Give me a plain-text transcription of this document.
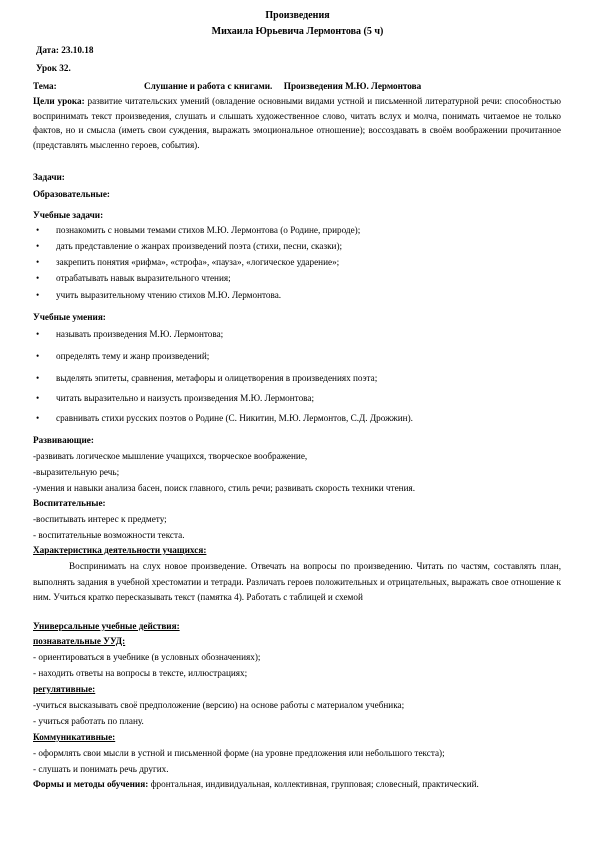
Произведения
Михаила Юрьевича Лермонтова (5 ч)
Дата: 23.10.18
Урок 32.
Тема:	Слушание и работа с книгами.     Произведения М.Ю. Лермонтова
Цели урока: развитие читательских умений (овладение основными видами устной и письменной литературной речи: способностью воспринимать текст произведения, слушать и слышать художественное слово, читать вслух и молча, понимать читаемое не только фактов, но и смысла (иметь свои суждения, выражать эмоциональное отношение); воссоздавать в своём воображении прочитанное (представлять мысленно героев, события).
Задачи:
Образовательные:
Учебные задачи:
• познакомить с новыми темами стихов М.Ю. Лермонтова (о Родине, природе);
• дать представление о жанрах произведений поэта (стихи, песни, сказки);
• закрепить понятия «рифма», «строфа», «пауза», «логическое ударение»;
• отрабатывать навык выразительного чтения;
• учить выразительному чтению стихов М.Ю. Лермонтова.
Учебные умения:
• называть произведения М.Ю. Лермонтова;
• определять тему и жанр произведений;
• выделять эпитеты, сравнения, метафоры и олицетворения в произведениях поэта;
• читать выразительно и наизусть произведения М.Ю. Лермонтова;
• сравнивать стихи русских поэтов о Родине (С. Никитин, М.Ю. Лермонтов, С.Д. Дрожжин).
Развивающие:
-развивать логическое мышление учащихся, творческое воображение,
-выразительную речь;
-умения и навыки анализа басен, поиск главного, стиль речи; развивать скорость техники чтения.
Воспитательные:
-воспитывать интерес к предмету;
- воспитательные возможности текста.
Характеристика деятельности учащихся:
Воспринимать на слух новое произведение. Отвечать на вопросы по произведению. Читать по частям, составлять план, выполнять задания в учебной хрестоматии и тетради. Различать героев положительных и отрицательных, выражать свое отношение к ним. Учиться кратко пересказывать текст (памятка 4). Работать с таблицей и схемой
Универсальные учебные действия:
познавательные УУД:
- ориентироваться в учебнике (в условных обозначениях);
- находить ответы на вопросы в тексте, иллюстрациях;
регулятивные:
-учиться высказывать своё предположение (версию) на основе работы с материалом учебника;
- учиться работать по плану.
Коммуникативные:
- оформлять свои мысли в устной и письменной форме (на уровне предложения или небольшого текста);
- слушать и понимать речь других.
Формы и методы обучения: фронтальная, индивидуальная, коллективная, групповая; словесный, практический.
